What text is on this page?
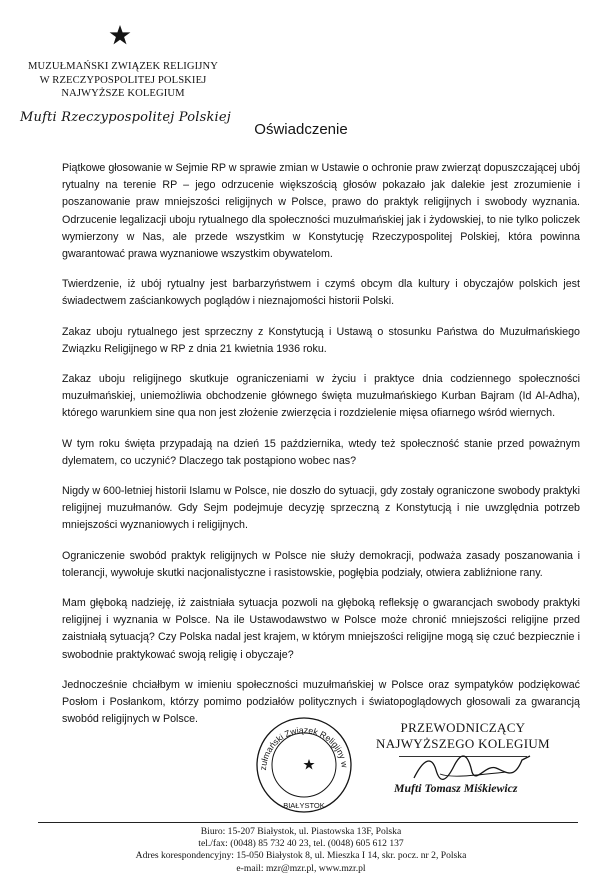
MUZUŁMAŃSKI ZWIĄZEK RELIGIJNY
W RZECZYPOSPOLITEJ POLSKIEJ
NAJWYŻSZE KOLEGIUM
Mufti Rzeczypospolitej Polskiej
Oświadczenie

Piątkowe głosowanie w Sejmie RP w sprawie zmian w Ustawie o ochronie praw zwierząt dopuszczającej ubój rytualny na terenie RP – jego odrzucenie większością głosów pokazało jak dalekie jest zrozumienie i poszanowanie praw mniejszości religijnych w Polsce, prawo do praktyk religijnych i swobody wyznania. Odrzucenie legalizacji uboju rytualnego dla społeczności muzułmańskiej jak i żydowskiej, to nie tylko policzek wymierzony w Nas, ale przede wszystkim w Konstytucję Rzeczypospolitej Polskiej, która powinna gwarantować prawa wyznaniowe wszystkim obywatelom.

Twierdzenie, iż ubój rytualny jest barbarzyństwem i czymś obcym dla kultury i obyczajów polskich jest świadectwem zaściankowych poglądów i nieznajomości historii Polski.

Zakaz uboju rytualnego jest sprzeczny z Konstytucją i Ustawą o stosunku Państwa do Muzułmańskiego Związku Religijnego w RP z dnia 21 kwietnia 1936 roku.

Zakaz uboju religijnego skutkuje ograniczeniami w życiu i praktyce dnia codziennego społeczności muzułmańskiej, uniemożliwia obchodzenie głównego święta muzułmańskiego Kurban Bajram (Id Al-Adha), którego warunkiem sine qua non jest złożenie zwierzęcia i rozdzielenie mięsa ofiarnego wśród wiernych.

W tym roku święta przypadają na dzień 15 października, wtedy też społeczność stanie przed poważnym dylematem, co uczynić? Dlaczego tak postąpiono wobec nas?

Nigdy w 600-letniej historii Islamu w Polsce, nie doszło do sytuacji, gdy zostały ograniczone swobody praktyki religijnej muzułmanów. Gdy Sejm podejmuje decyzję sprzeczną z Konstytucją i nie uwzględnia potrzeb mniejszości wyznaniowych i religijnych.

Ograniczenie swobód praktyk religijnych w Polsce nie służy demokracji, podważa zasady poszanowania i tolerancji, wywołuje skutki nacjonalistyczne i rasistowskie, pogłębia podziały, otwiera zabliźnione rany.

Mam głęboką nadzieję, iż zaistniała sytuacja pozwoli na głęboką refleksję o gwarancjach swobody praktyki religijnej i wyznania w Polsce. Na ile Ustawodawstwo w Polsce może chronić mniejszości religijne przed zaistniałą sytuacją? Czy Polska nadal jest krajem, w którym mniejszości religijne mogą się czuć bezpiecznie i swobodnie praktykować swoją religię i obyczaje?

Jednocześnie chciałbym w imieniu społeczności muzułmańskiej w Polsce oraz sympatyków podziękować Posłom i Posłankom, którzy pomimo podziałów politycznych i światopoglądowych głosowali za gwarancją swobód religijnych w Polsce.

zułmański Związek Religijny w
BIAŁYSTOK
PRZEWODNICZĄCY
NAJWYŻSZEGO KOLEGIUM
Mufti Tomasz Miśkiewicz
Biuro: 15-207 Białystok, ul. Piastowska 13F, Polska
tel./fax: (0048) 85 732 40 23, tel. (0048) 605 612 137
Adres korespondencyjny: 15-050 Białystok 8, ul. Mieszka I 14, skr. pocz. nr 2, Polska
e-mail: mzr@mzr.pl, www.mzr.pl
